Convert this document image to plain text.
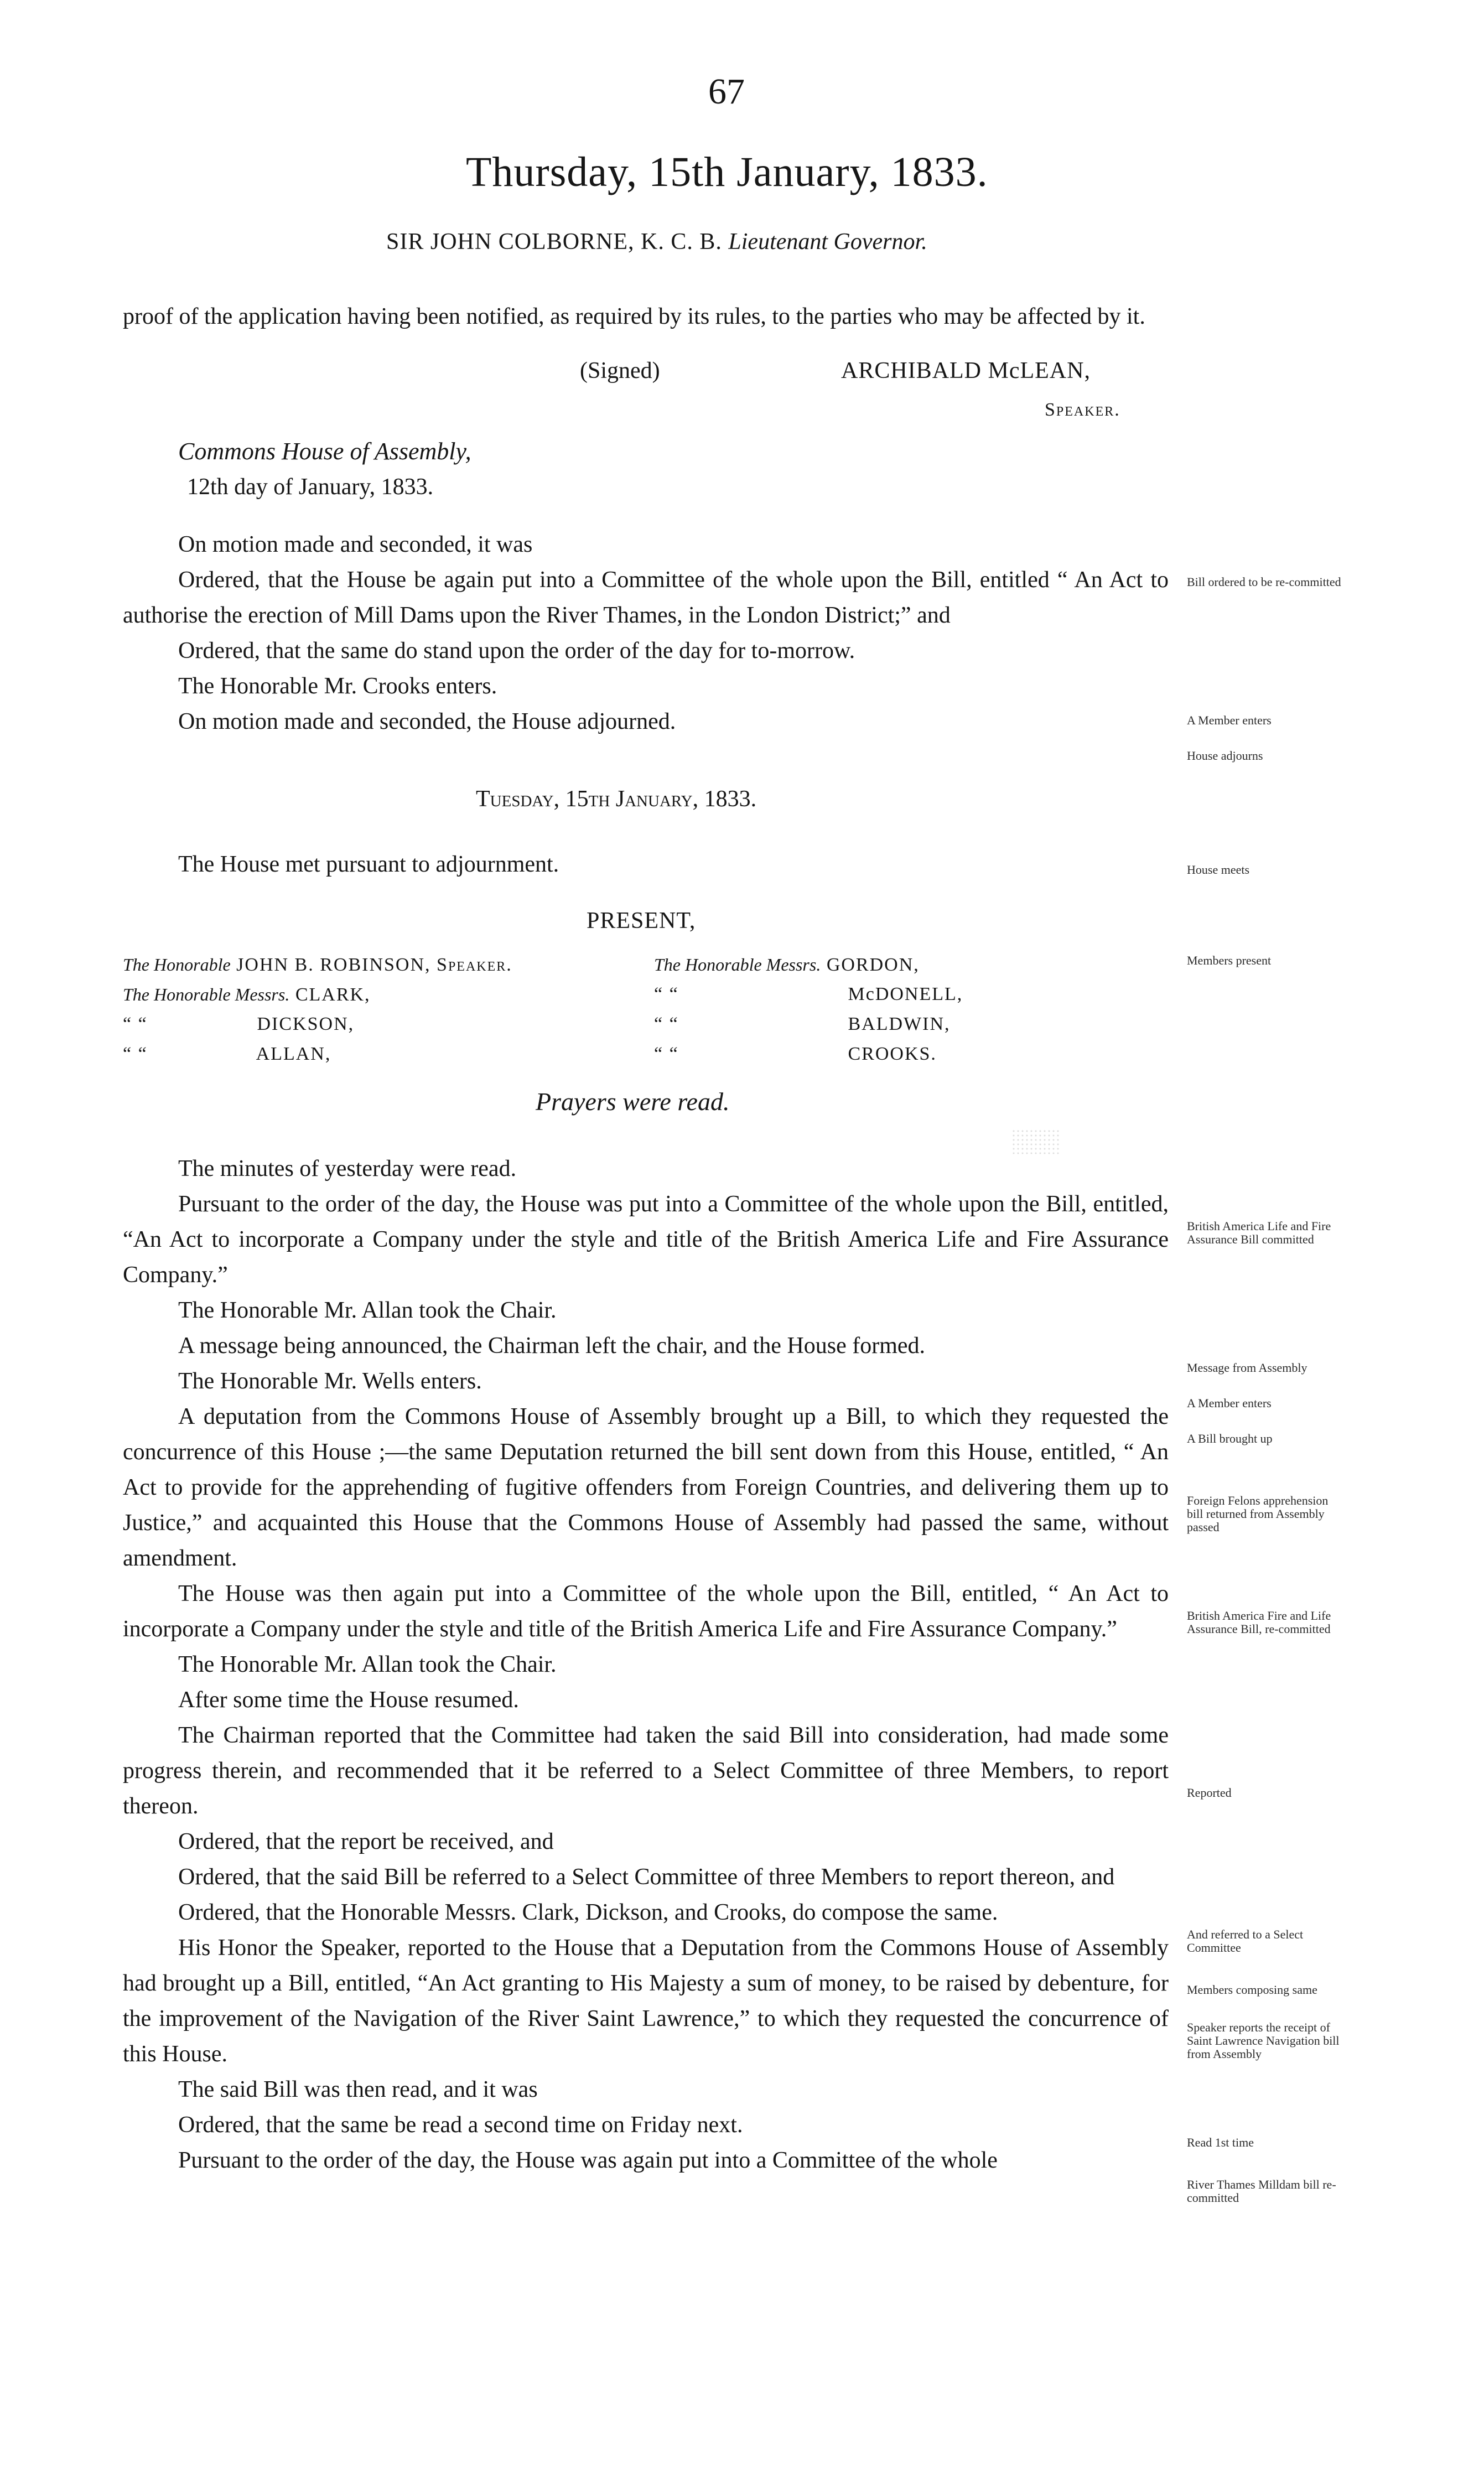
67
Thursday, 15th January, 1833.
SIR JOHN COLBORNE, K. C. B. Lieutenant Governor.

proof of the application having been notified, as required by its rules, to the parties who may be affected by it.

(Signed)	ARCHIBALD McLEAN,
Speaker.
Commons House of Assembly,
12th day of January, 1833.

On motion made and seconded, it was

Ordered, that the House be again put into a Committee of the whole upon the Bill, entitled “ An Act to authorise the erection of Mill Dams upon the River Thames, in the London District;” and

Ordered, that the same do stand upon the order of the day for to-morrow.

The Honorable Mr. Crooks enters.

On motion made and seconded, the House adjourned.

Bill ordered to be re-committed
A Member enters
House adjourns
Tuesday, 15th January, 1833.

The House met pursuant to adjournment.	House meets
PRESENT,
The Honorable JOHN B. ROBINSON, Speaker.
The Honorable Messrs. CLARK,
“ “	DICKSON,
“ “	ALLAN,
The Honorable Messrs. GORDON,
“ “	McDONELL,
“ “	BALDWIN,
“ “	CROOKS.
Members present
Prayers were read.

The minutes of yesterday were read.

Pursuant to the order of the day, the House was put into a Committee of the whole upon the Bill, entitled, “An Act to incorporate a Company under the style and title of the British America Life and Fire Assurance Company.”

The Honorable Mr. Allan took the Chair.

A message being announced, the Chairman left the chair, and the House formed.

The Honorable Mr. Wells enters.

A deputation from the Commons House of Assembly brought up a Bill, to which they requested the concurrence of this House ;—the same Deputation returned the bill sent down from this House, entitled, “ An Act to provide for the apprehending of fugitive offenders from Foreign Countries, and delivering them up to Justice,” and acquainted this House that the Commons House of Assembly had passed the same, without amendment.

The House was then again put into a Committee of the whole upon the Bill, entitled, “ An Act to incorporate a Company under the style and title of the British America Life and Fire Assurance Company.”

The Honorable Mr. Allan took the Chair.

After some time the House resumed.

The Chairman reported that the Committee had taken the said Bill into consideration, had made some progress therein, and recommended that it be referred to a Select Committee of three Members, to report thereon.

Ordered, that the report be received, and

Ordered, that the said Bill be referred to a Select Committee of three Members to report thereon, and

Ordered, that the Honorable Messrs. Clark, Dickson, and Crooks, do compose the same.

His Honor the Speaker, reported to the House that a Deputation from the Commons House of Assembly had brought up a Bill, entitled, “An Act granting to His Majesty a sum of money, to be raised by debenture, for the improvement of the Navigation of the River Saint Lawrence,” to which they requested the concurrence of this House.

The said Bill was then read, and it was

Ordered, that the same be read a second time on Friday next.

Pursuant to the order of the day, the House was again put into a Committee of the whole

British America Life and Fire Assurance Bill committed
Message from Assembly
A Member enters
A Bill brought up
Foreign Felons apprehension bill returned from Assembly passed
British America Fire and Life Assurance Bill, re-committed
Reported
And referred to a Select Committee
Members composing same
Speaker reports the receipt of Saint Lawrence Navigation bill from Assembly
Read 1st time
River Thames Milldam bill re-committed
